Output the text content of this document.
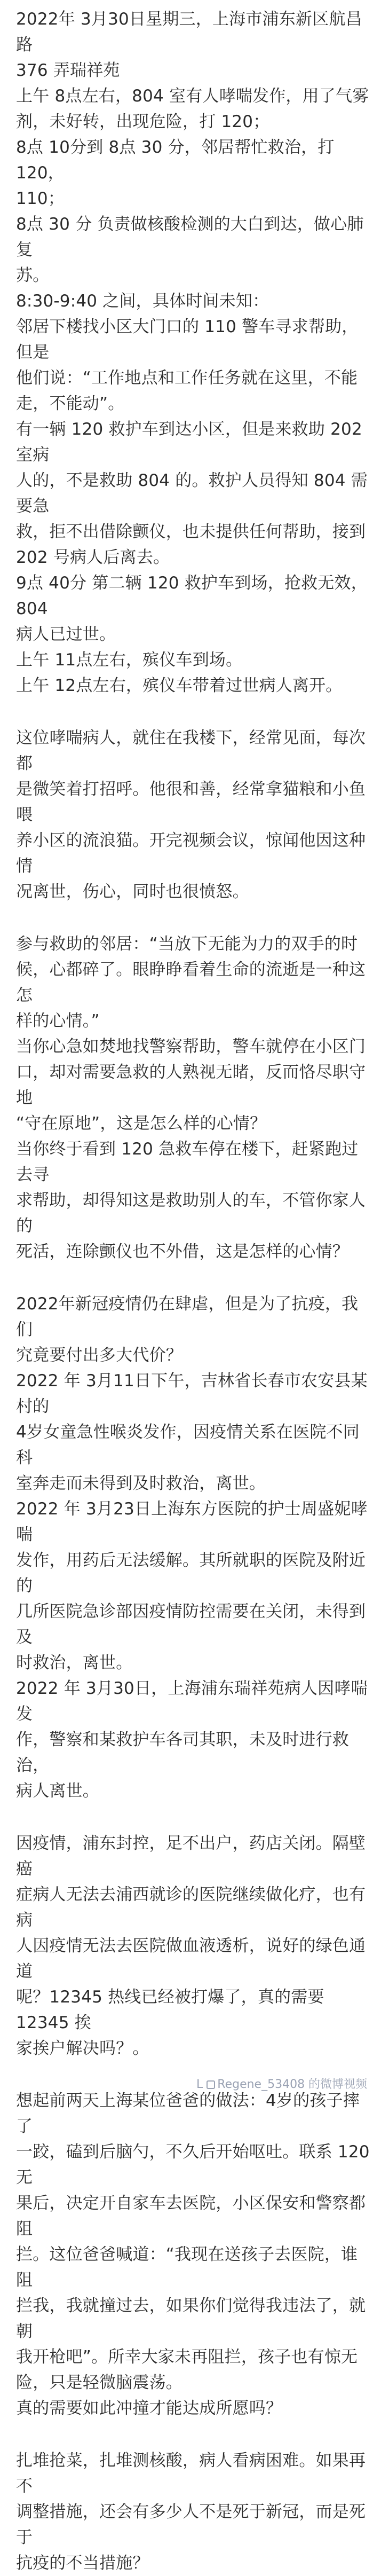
2022年 3月30日星期三，上海市浦东新区航昌路

376 弄瑞祥苑

上午 8点左右，804 室有人哮喘发作，用了气雾

剂，未好转，出现危险，打 120；

8点 10分到 8点 30 分，邻居帮忙救治，打 120，

110；

8点 30 分 负责做核酸检测的大白到达，做心肺复

苏。

8:30-9:40 之间，具体时间未知：

邻居下楼找小区大门口的 110 警车寻求帮助，但是

他们说：“工作地点和工作任务就在这里，不能

走，不能动”。

有一辆 120 救护车到达小区，但是来救助 202 室病

人的，不是救助 804 的。救护人员得知 804 需要急

救，拒不出借除颤仪，也未提供任何帮助，接到

202 号病人后离去。

9点 40分 第二辆 120 救护车到场，抢救无效，804

病人已过世。

上午 11点左右，殡仪车到场。

上午 12点左右，殡仪车带着过世病人离开。

这位哮喘病人，就住在我楼下，经常见面，每次都

是微笑着打招呼。他很和善，经常拿猫粮和小鱼喂

养小区的流浪猫。开完视频会议，惊闻他因这种情

况离世，伤心，同时也很愤怒。

参与救助的邻居：“当放下无能为力的双手的时

候，心都碎了。眼睁睁看着生命的流逝是一种这怎

样的心情。”

当你心急如焚地找警察帮助，警车就停在小区门

口，却对需要急救的人熟视无睹，反而恪尽职守地

“守在原地”，这是怎么样的心情？

当你终于看到 120 急救车停在楼下，赶紧跑过去寻

求帮助，却得知这是救助别人的车，不管你家人的

死活，连除颤仪也不外借，这是怎样的心情？

2022年新冠疫情仍在肆虐，但是为了抗疫，我们

究竟要付出多大代价？

2022 年 3月11日下午，吉林省长春市农安县某村的

4岁女童急性喉炎发作，因疫情关系在医院不同科

室奔走而未得到及时救治，离世。

2022 年 3月23日上海东方医院的护士周盛妮哮喘

发作，用药后无法缓解。其所就职的医院及附近的

几所医院急诊部因疫情防控需要在关闭，未得到及

时救治，离世。

2022 年 3月30日，上海浦东瑞祥苑病人因哮喘发

作，警察和某救护车各司其职，未及时进行救治，

病人离世。

因疫情，浦东封控，足不出户，药店关闭。隔壁癌

症病人无法去浦西就诊的医院继续做化疗，也有病

人因疫情无法去医院做血液透析，说好的绿色通道

呢？12345 热线已经被打爆了，真的需要 12345 挨

家挨户解决吗？。

想起前两天上海某位爸爸的做法：4岁的孩子摔了

一跤，磕到后脑勺，不久后开始呕吐。联系 120 无

果后，决定开自家车去医院，小区保安和警察都阻

拦。这位爸爸喊道：“我现在送孩子去医院，谁阻

拦我，我就撞过去，如果你们觉得我违法了，就朝

我开枪吧”。所幸大家未再阻拦，孩子也有惊无

险，只是轻微脑震荡。

真的需要如此冲撞才能达成所愿吗？

扎堆抢菜，扎堆测核酸，病人看病困难。如果再不

调整措施，还会有多少人不是死于新冠，而是死于

抗疫的不当措施？

L Regene_53408 的微博视频
